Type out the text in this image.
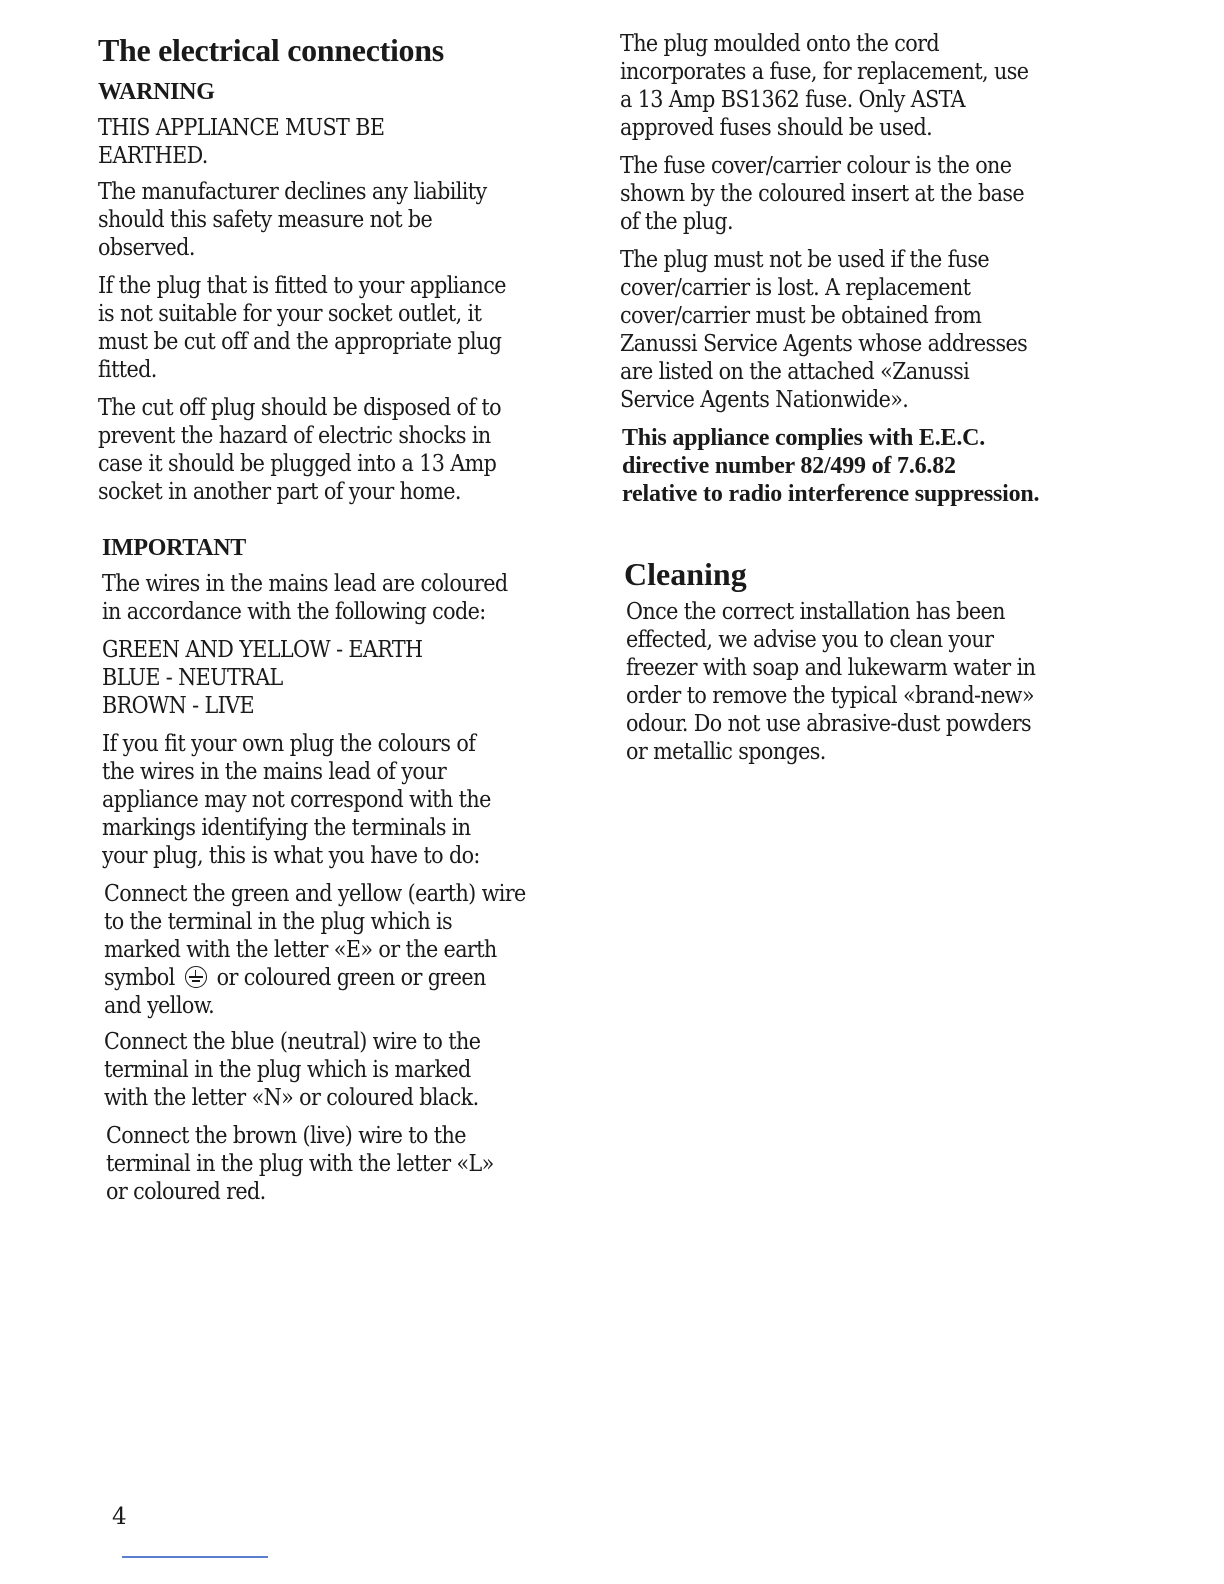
The electrical connections
WARNING

THIS APPLIANCE MUST BE
EARTHED.

The manufacturer declines any liability
should this safety measure not be
observed.

If the plug that is fitted to your appliance
is not suitable for your socket outlet, it
must be cut off and the appropriate plug
fitted.

The cut off plug should be disposed of to
prevent the hazard of electric shocks in
case it should be plugged into a 13 Amp
socket in another part of your home.

IMPORTANT

The wires in the mains lead are coloured
in accordance with the following code:

GREEN AND YELLOW - EARTH
BLUE - NEUTRAL
BROWN - LIVE

If you fit your own plug the colours of
the wires in the mains lead of your
appliance may not correspond with the
markings identifying the terminals in
your plug, this is what you have to do:

Connect the green and yellow (earth) wire
to the terminal in the plug which is
marked with the letter «E» or the earth
symbol or coloured green or green
and yellow.

Connect the blue (neutral) wire to the
terminal in the plug which is marked
with the letter «N» or coloured black.

Connect the brown (live) wire to the
terminal in the plug with the letter «L»
or coloured red.

The plug moulded onto the cord
incorporates a fuse, for replacement, use
a 13 Amp BS1362 fuse. Only ASTA
approved fuses should be used.

The fuse cover/carrier colour is the one
shown by the coloured insert at the base
of the plug.

The plug must not be used if the fuse
cover/carrier is lost. A replacement
cover/carrier must be obtained from
Zanussi Service Agents whose addresses
are listed on the attached «Zanussi
Service Agents Nationwide».

This appliance complies with E.E.C.
directive number 82/499 of 7.6.82
relative to radio interference suppression.

Cleaning

Once the correct installation has been
effected, we advise you to clean your
freezer with soap and lukewarm water in
order to remove the typical «brand-new»
odour. Do not use abrasive-dust powders
or metallic sponges.

4
